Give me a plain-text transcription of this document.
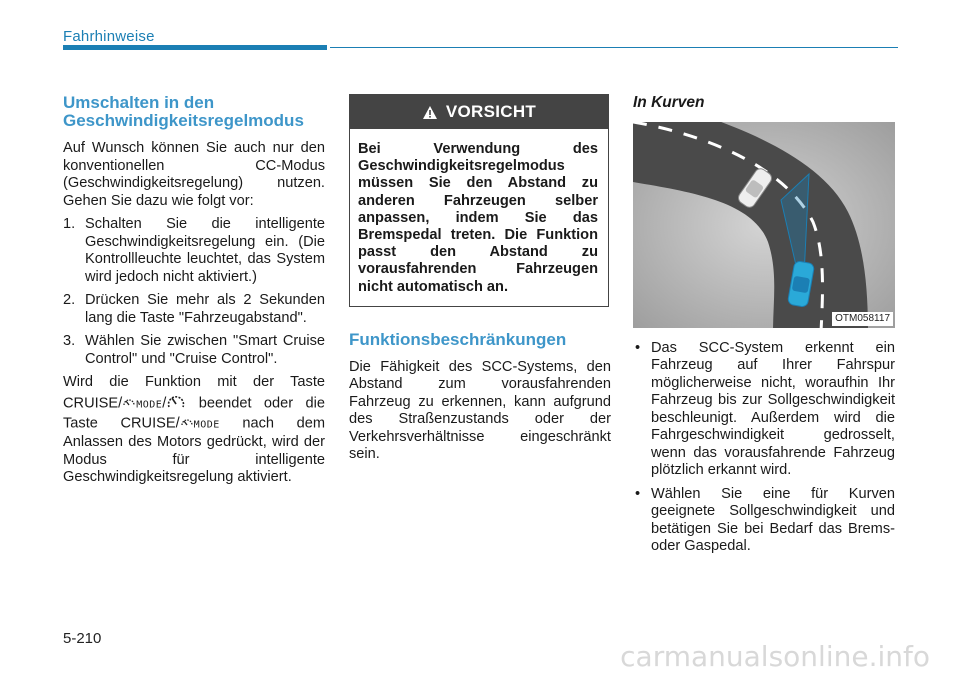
Fahrhinweise
Umschalten in den Geschwindigkeitsregelmodus

Auf Wunsch können Sie auch nur den konventionellen CC-Modus (Geschwindigkeitsregelung) nutzen. Gehen Sie dazu wie folgt vor:

1. Schalten Sie die intelligente Geschwindigkeitsregelung ein. (Die Kontrollleuchte leuchtet, das System wird jedoch nicht aktiviert.)
2. Drücken Sie mehr als 2 Sekunden lang die Taste "Fahrzeugabstand".
3. Wählen Sie zwischen "Smart Cruise Control" und "Cruise Control".

Wird die Funktion mit der Taste CRUISE/ MODE/ beendet oder die Taste CRUISE/ MODE nach dem Anlassen des Motors gedrückt, wird der Modus für intelligente Geschwindigkeitsregelung aktiviert.

VORSICHT
Bei Verwendung des Geschwindigkeitsregelmodus müssen Sie den Abstand zu anderen Fahrzeugen selber anpassen, indem Sie das Bremspedal treten. Die Funktion passt den Abstand zu vorausfahrenden Fahrzeugen nicht automatisch an.
Funktionsbeschränkungen

Die Fähigkeit des SCC-Systems, den Abstand zum vorausfahrenden Fahrzeug zu erkennen, kann aufgrund des Straßenzustands oder der Verkehrsverhältnisse eingeschränkt sein.

In Kurven
OTM058117
• Das SCC-System erkennt ein Fahrzeug auf Ihrer Fahrspur möglicherweise nicht, woraufhin Ihr Fahrzeug bis zur Sollgeschwindigkeit beschleunigt. Außerdem wird die Fahrgeschwindigkeit gedrosselt, wenn das vorausfahrende Fahrzeug plötzlich erkannt wird.
• Wählen Sie eine für Kurven geeignete Sollgeschwindigkeit und betätigen Sie bei Bedarf das Brems- oder Gaspedal.
5-210
carmanualsonline.info
